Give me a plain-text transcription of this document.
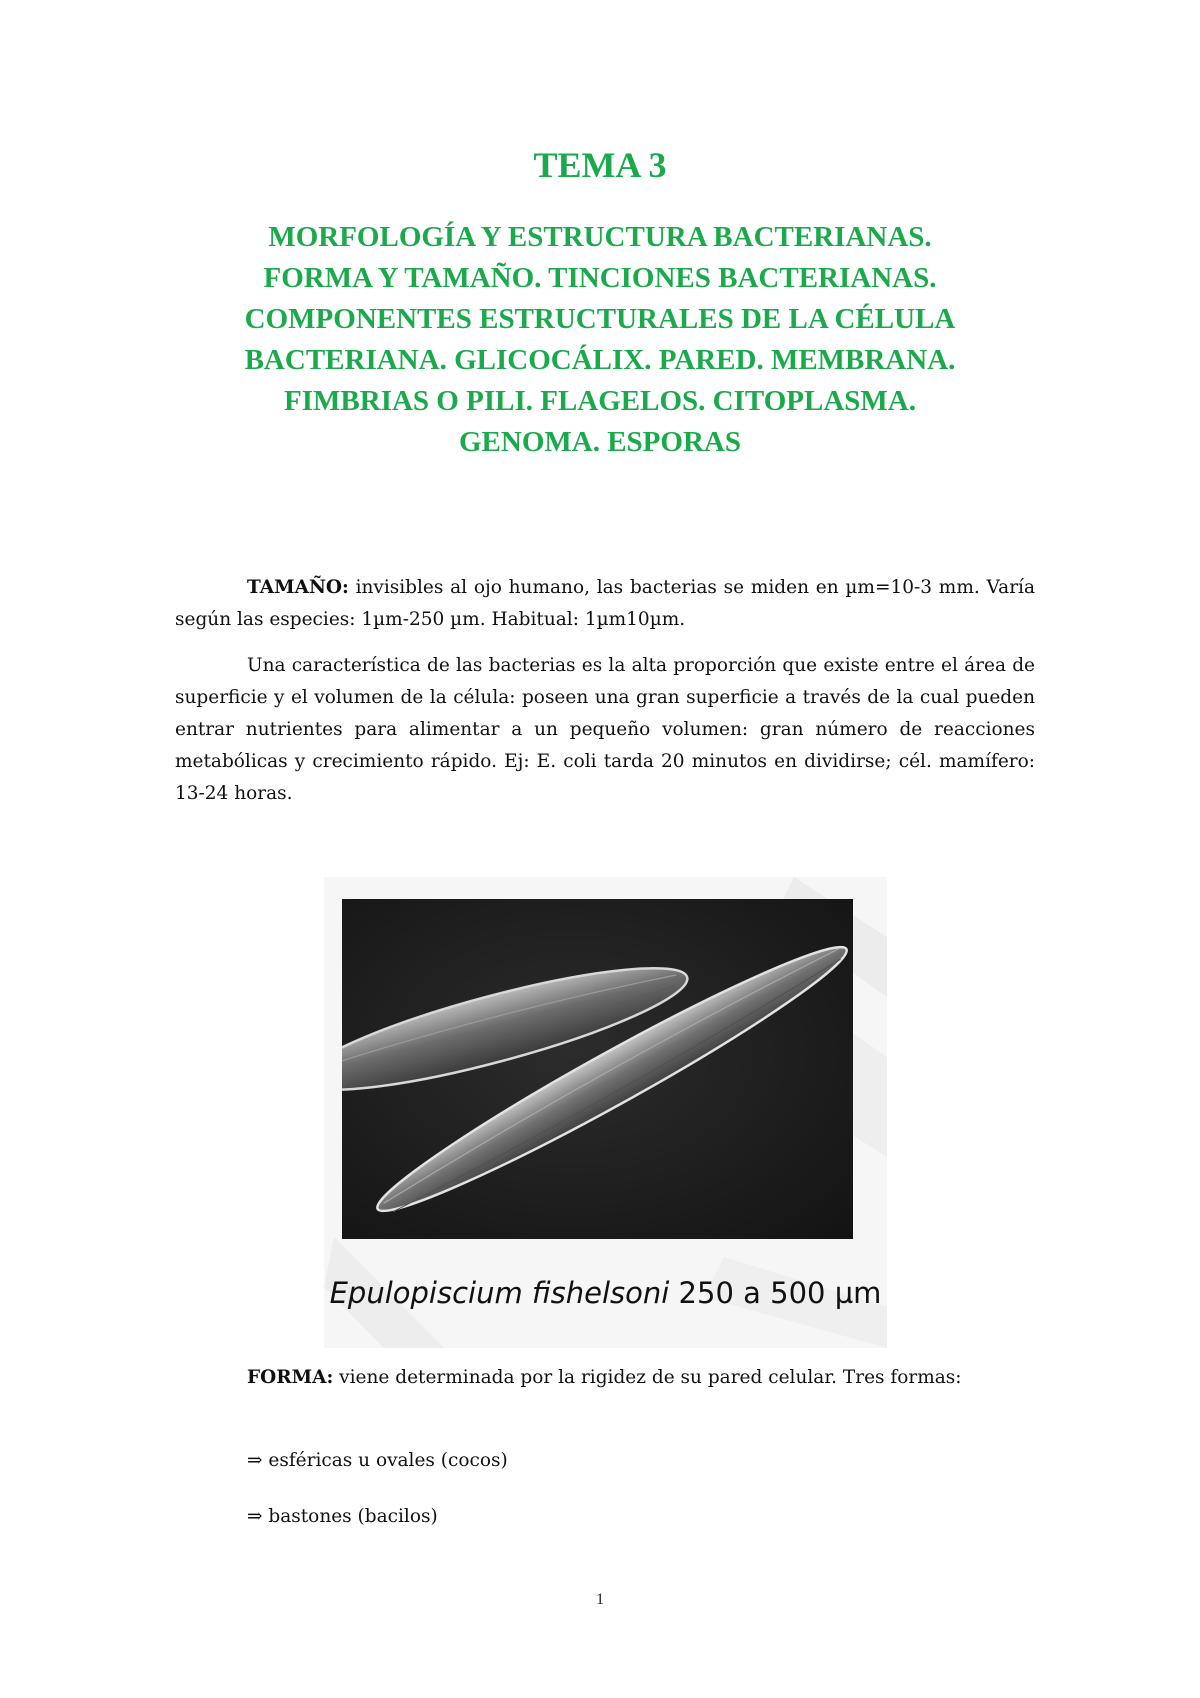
TEMA 3
MORFOLOGÍA Y ESTRUCTURA BACTERIANAS.
FORMA Y TAMAÑO. TINCIONES BACTERIANAS.
COMPONENTES ESTRUCTURALES DE LA CÉLULA
BACTERIANA. GLICOCÁLIX. PARED. MEMBRANA.
FIMBRIAS O PILI. FLAGELOS. CITOPLASMA.
GENOMA. ESPORAS

TAMAÑO: invisibles al ojo humano, las bacterias se miden en µm=10-3 mm. Varía según las especies: 1µm-250 µm. Habitual: 1µm10µm.

Una característica de las bacterias es la alta proporción que existe entre el área de superficie y el volumen de la célula: poseen una gran superficie a través de la cual pueden entrar nutrientes para alimentar a un pequeño volumen: gran número de reacciones metabólicas y crecimiento rápido. Ej: E. coli tarda 20 minutos en dividirse; cél. mamífero: 13-24 horas.

Epulopiscium fishelsoni 250 a 500 µm

FORMA: viene determinada por la rigidez de su pared celular. Tres formas:

⇒ esféricas u ovales (cocos)
⇒ bastones (bacilos)
1
